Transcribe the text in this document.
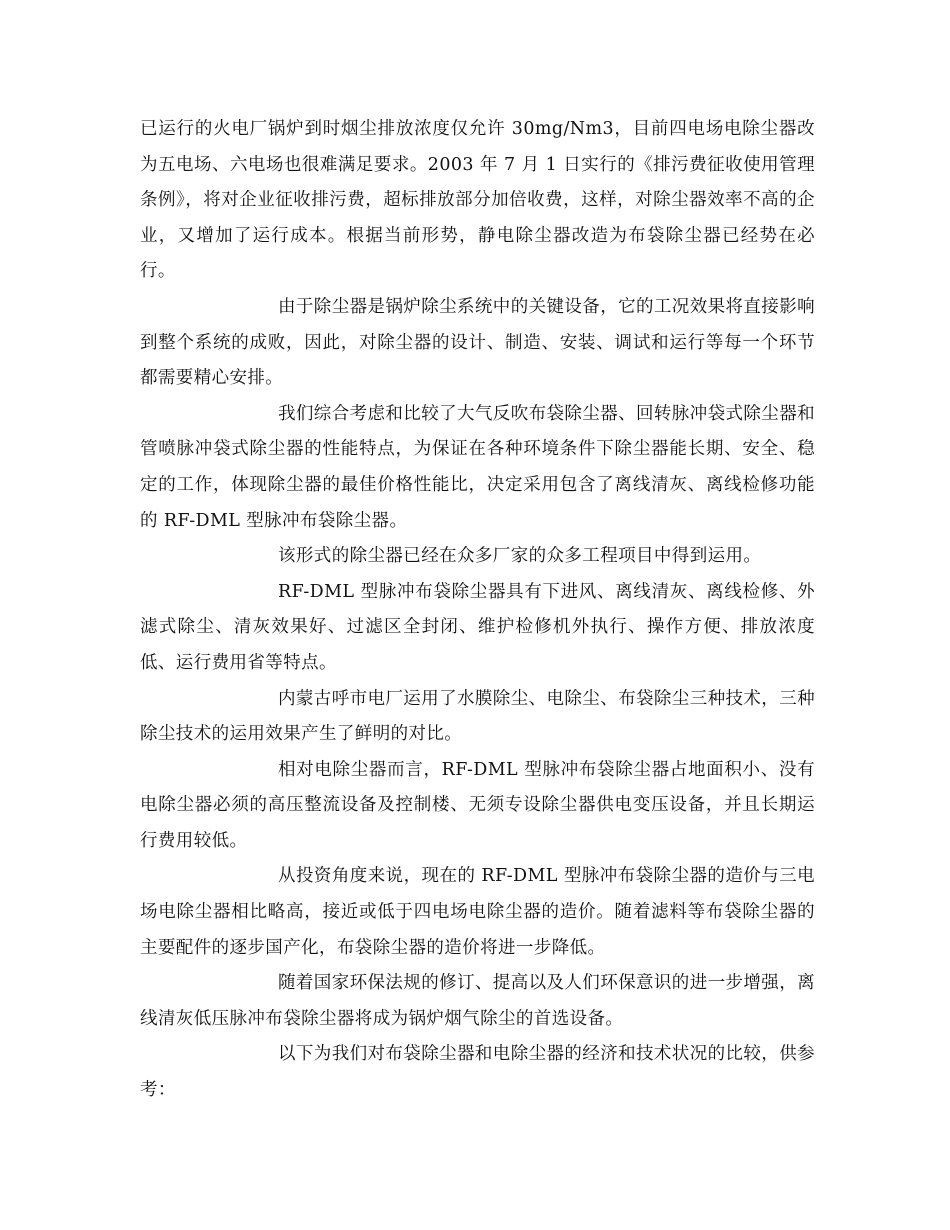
已运行的火电厂锅炉到时烟尘排放浓度仅允许 30mg/Nm3，目前四电场电除尘器改为五电场、六电场也很难满足要求。2003 年 7 月 1 日实行的《排污费征收使用管理条例》，将对企业征收排污费，超标排放部分加倍收费，这样，对除尘器效率不高的企业，又增加了运行成本。根据当前形势，静电除尘器改造为布袋除尘器已经势在必行。

由于除尘器是锅炉除尘系统中的关键设备，它的工况效果将直接影响到整个系统的成败，因此，对除尘器的设计、制造、安装、调试和运行等每一个环节都需要精心安排。

我们综合考虑和比较了大气反吹布袋除尘器、回转脉冲袋式除尘器和管喷脉冲袋式除尘器的性能特点，为保证在各种环境条件下除尘器能长期、安全、稳定的工作，体现除尘器的最佳价格性能比，决定采用包含了离线清灰、离线检修功能的 RF-DML 型脉冲布袋除尘器。

该形式的除尘器已经在众多厂家的众多工程项目中得到运用。

RF-DML 型脉冲布袋除尘器具有下进风、离线清灰、离线检修、外滤式除尘、清灰效果好、过滤区全封闭、维护检修机外执行、操作方便、排放浓度低、运行费用省等特点。

内蒙古呼市电厂运用了水膜除尘、电除尘、布袋除尘三种技术，三种除尘技术的运用效果产生了鲜明的对比。

相对电除尘器而言，RF-DML 型脉冲布袋除尘器占地面积小、没有电除尘器必须的高压整流设备及控制楼、无须专设除尘器供电变压设备，并且长期运行费用较低。

从投资角度来说，现在的 RF-DML 型脉冲布袋除尘器的造价与三电场电除尘器相比略高，接近或低于四电场电除尘器的造价。随着滤料等布袋除尘器的主要配件的逐步国产化，布袋除尘器的造价将进一步降低。

随着国家环保法规的修订、提高以及人们环保意识的进一步增强，离线清灰低压脉冲布袋除尘器将成为锅炉烟气除尘的首选设备。

以下为我们对布袋除尘器和电除尘器的经济和技术状况的比较，供参考：
